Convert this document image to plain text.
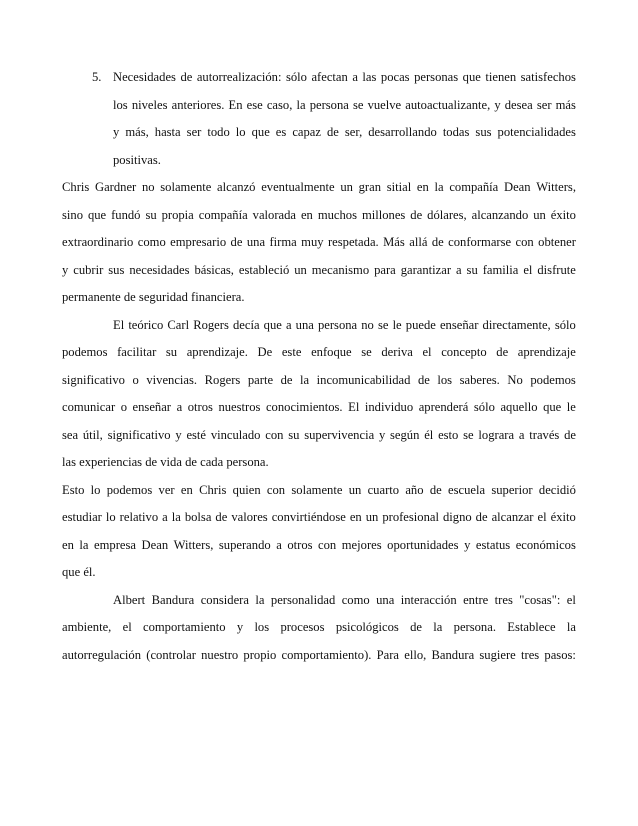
5. Necesidades de autorrealización: sólo afectan a las pocas personas que tienen satisfechos
los niveles anteriores. En ese caso, la persona se vuelve autoactualizante, y desea ser más
y más, hasta ser todo lo que es capaz de ser, desarrollando todas sus potencialidades
positivas.
Chris Gardner no solamente alcanzó eventualmente un gran sitial en la compañía Dean Witters,
sino que fundó su propia compañía valorada en muchos millones de dólares, alcanzando un éxito
extraordinario como empresario de una firma muy respetada. Más allá de conformarse con obtener
y cubrir sus necesidades básicas, estableció un mecanismo para garantizar a su familia el disfrute
permanente de seguridad financiera.
El teórico Carl Rogers decía que a una persona no se le puede enseñar directamente, sólo
podemos facilitar su aprendizaje. De este enfoque se deriva el concepto de aprendizaje
significativo o vivencias. Rogers parte de la incomunicabilidad de los saberes. No podemos
comunicar o enseñar a otros nuestros conocimientos. El individuo aprenderá sólo aquello que le
sea útil, significativo y esté vinculado con su supervivencia y según él esto se lograra a través de
las experiencias de vida de cada persona.
Esto lo podemos ver en Chris quien con solamente un cuarto año de escuela superior decidió
estudiar lo relativo a la bolsa de valores convirtiéndose en un profesional digno de alcanzar el éxito
en la empresa Dean Witters, superando a otros con mejores oportunidades y estatus económicos
que él.
Albert Bandura considera la personalidad como una interacción entre tres "cosas": el
ambiente, el comportamiento y los procesos psicológicos de la persona. Establece la
autorregulación (controlar nuestro propio comportamiento). Para ello, Bandura sugiere tres pasos:
